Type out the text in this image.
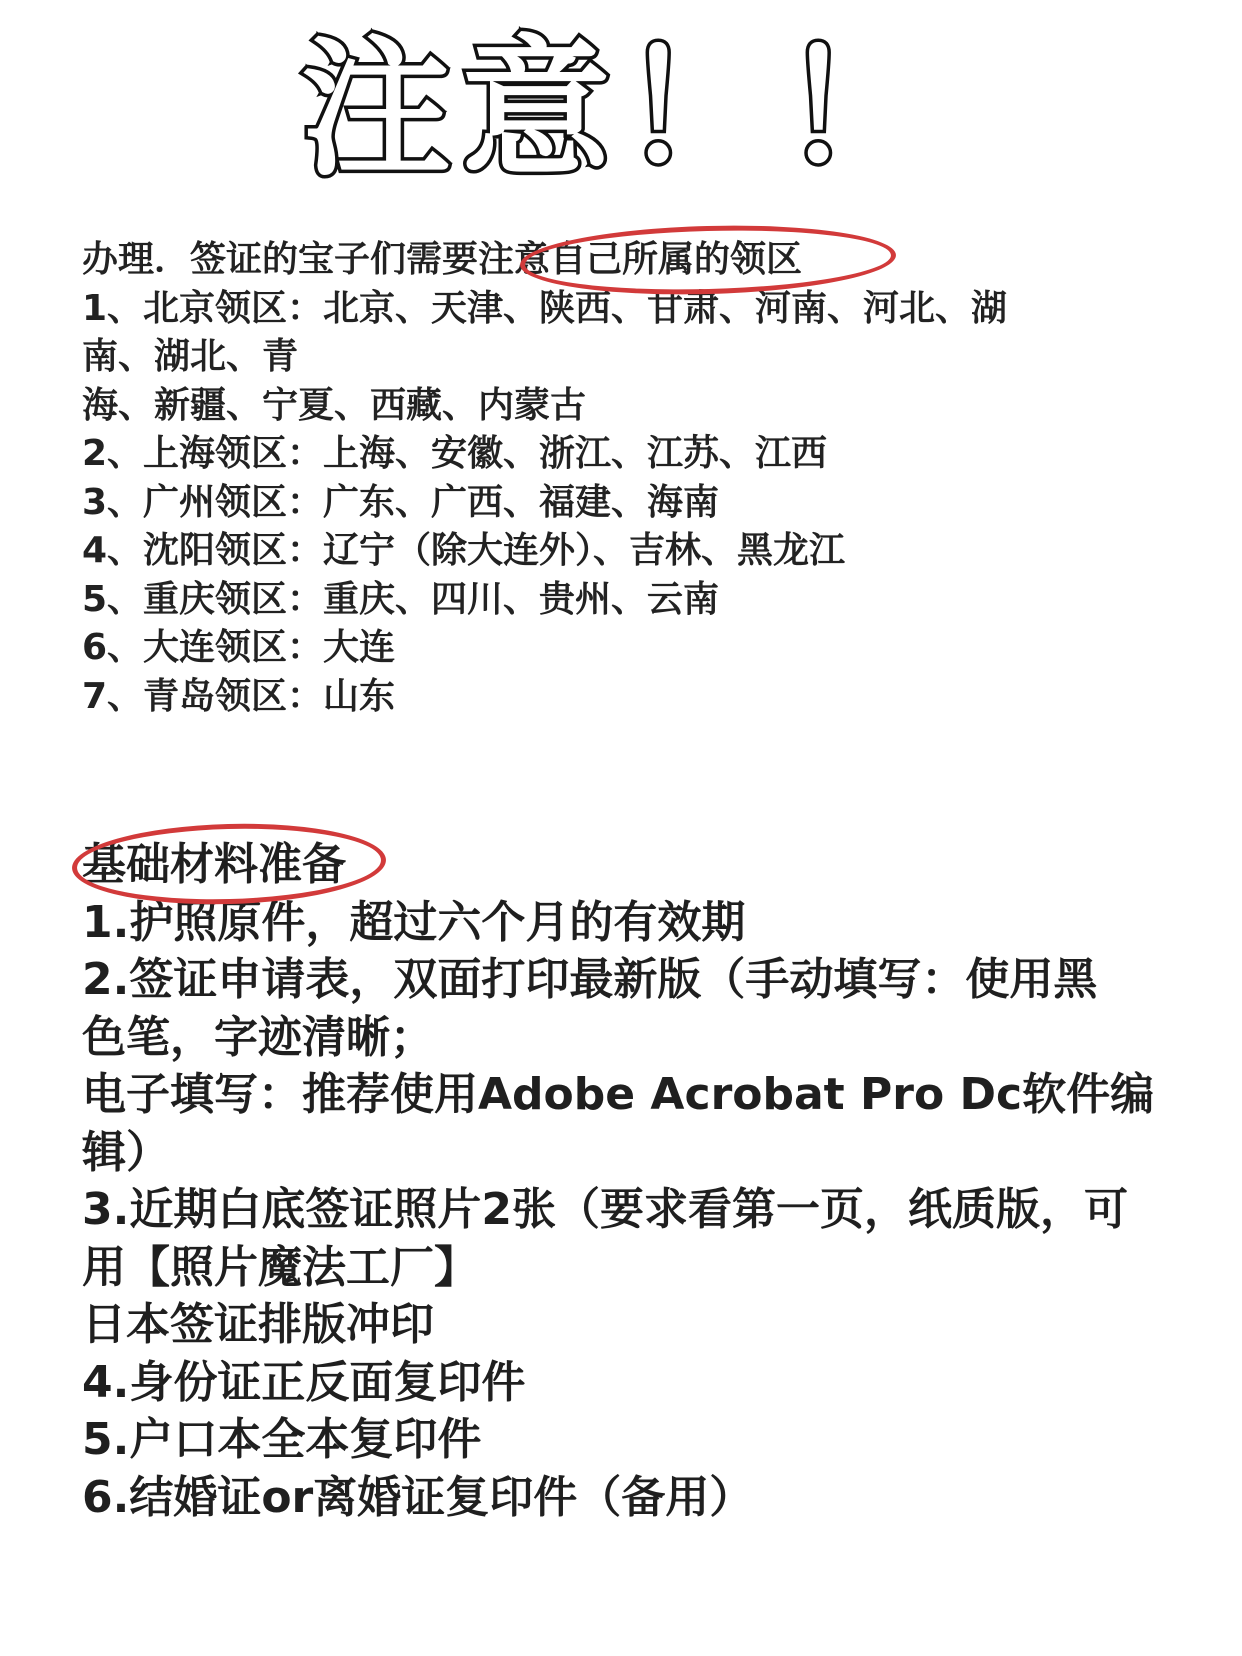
注意！！
办理．签证的宝子们需要注意自己所属的领区
1、北京领区：北京、天津、陕西、甘肃、河南、河北、湖
南、湖北、青
海、新疆、宁夏、西藏、内蒙古
2、上海领区：上海、安徽、浙江、江苏、江西
3、广州领区：广东、广西、福建、海南
4、沈阳领区：辽宁（除大连外）、吉林、黑龙江
5、重庆领区：重庆、四川、贵州、云南
6、大连领区：大连
7、青岛领区：山东
基础材料准备
1.护照原件，超过六个月的有效期
2.签证申请表，双面打印最新版（手动填写：使用黑
色笔，字迹清晰；
电子填写：推荐使用Adobe Acrobat Pro Dc软件编
辑）
3.近期白底签证照片2张（要求看第一页，纸质版，可
用【照片魔法工厂】
日本签证排版冲印
4.身份证正反面复印件
5.户口本全本复印件
6.结婚证or离婚证复印件（备用）
